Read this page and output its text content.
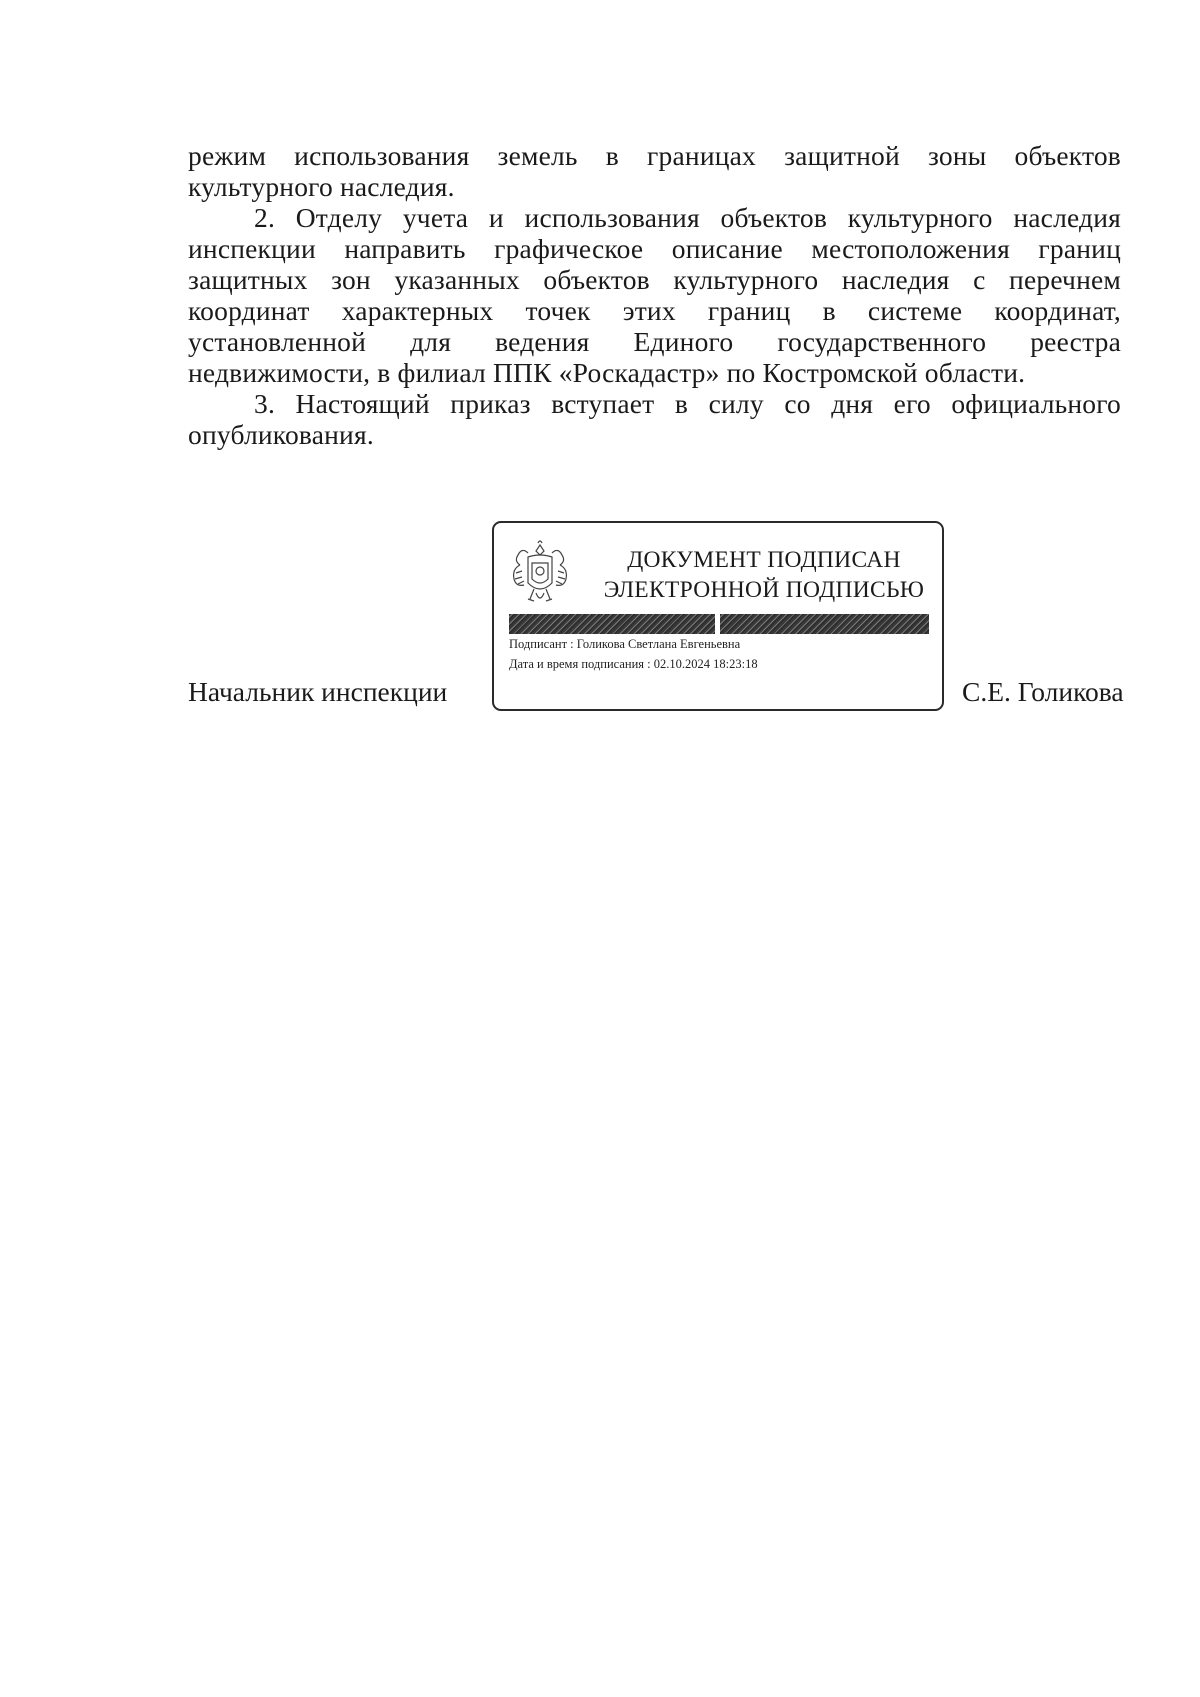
режим использования земель в границах защитной зоны объектов культурного наследия.

2. Отделу учета и использования объектов культурного наследия инспекции направить графическое описание местоположения границ защитных зон указанных объектов культурного наследия с перечнем координат характерных точек этих границ в системе координат, установленной для ведения Единого государственного реестра недвижимости, в филиал ППК «Роскадастр» по Костромской области.

3. Настоящий приказ вступает в силу со дня его официального опубликования.

Начальник инспекции
ДОКУМЕНТ ПОДПИСАН
ЭЛЕКТРОННОЙ ПОДПИСЬЮ
Подписант : Голикова Светлана Евгеньевна
Дата и время подписания : 02.10.2024 18:23:18
С.Е. Голикова
